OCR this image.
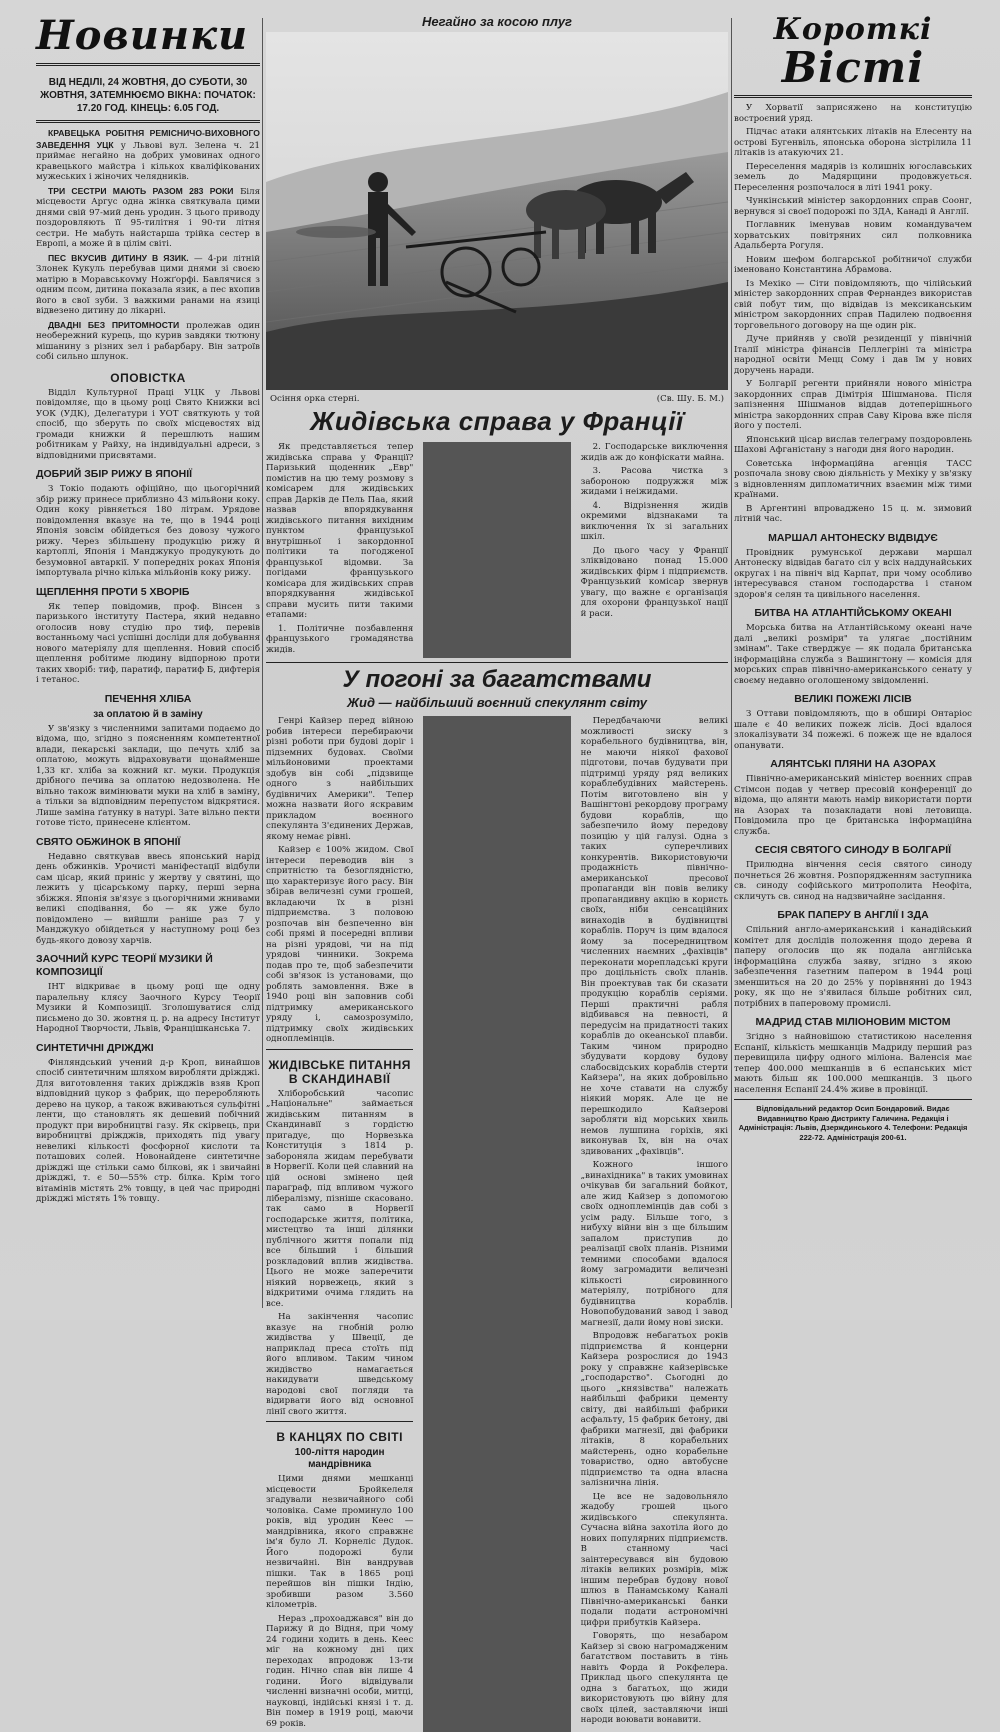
Новинки
ВІД НЕДІЛІ, 24 ЖОВТНЯ, ДО СУБОТИ, 30 ЖОВТНЯ, ЗАТЕМНЮЄМО ВІКНА: ПОЧАТОК: 17.20 ГОД. КІНЕЦЬ: 6.05 ГОД.

КРАВЕЦЬКА РОБІТНЯ РЕМІСНИЧО-ВИХОВНОГО ЗАВЕДЕННЯ УЦК у Львові вул. Зелена ч. 21 приймає негайно на добрих умовинах одного кравецького майстра і кількох кваліфікованих мужеських і жіночих челядників.

ТРИ СЕСТРИ МАЮТЬ РАЗОМ 283 РОКИ Біля місцевости Аргус одна жінка святкувала цими днями свій 97-мий день уродин. З цього приводу поздоровляють її 95-тилітня і 90-ти літня сестри. Не мабуть найстарша трійка сестер в Европі, а може й в цілім світі.

ПЕС ВКУСИВ ДИТИНУ В ЯЗИК. — 4-ри літній Злонек Кукуль перебував цими днями зі своєю матірю в Моравськоvму Ножґорфі. Бавлячися з одним псом, дитина показала язик, а пес вхопив його в свої зуби. З важкими ранами на язиці відвезено дитину до лікарні.

ДВАДНІ БЕЗ ПРИТОМНОСТИ пролежав один необережний курець, що курив завдяки тютюну мішанину з різних зел і рабарбару. Він затроїв собі сильно шлунок.

ОПОВІСТКА

Відділ Культурної Праці УЦК у Львові повідомляє, що в цьому році Свято Книжки всі УОК (УДК), Делегатури і УОТ святкують у той спосіб, що зберуть по своїх місцевостях від громади книжки й перешлють нашим робітникам у Райху, на індивідуальні адреси, з відповідними присвятами.

ДОБРИЙ ЗБІР РИЖУ В ЯПОНІЇ

З Токіо подають офіційно, що цьогорічний збір рижу принесе приблизно 43 мільйони коку. Один коку рівняється 180 літрам. Урядове повідомлення вказує на те, що в 1944 році Японія зовсім обійдеться без довозу чужого рижу. Через збільшену продукцію рижу й картоплі, Японія і Манджукуо продукують до безумовної автаркії. У попередніх роках Японія імпортувала річно кілька мільйонів коку рижу.

ЩЕПЛЕННЯ ПРОТИ 5 ХВОРІБ

Як тепер повідомив, проф. Вінсен з паризького інституту Пастера, який недавно оголосив нову студію про тиф, перевів востанньому часі успішні досліди для добування нового матеріялу для щеплення. Новий спосіб щеплення робітиме людину відпорною проти таких хворіб: тиф, паратиф, паратиф Б, дифтерія і тетанос.

ПЕЧЕННЯ ХЛІБА
за оплатою й в заміну

У зв'язку з численними запитами подаємо до відома, що, згідно з поясненням компетентної влади, пекарські заклади, що печуть хліб за оплатою, можуть відраховувати щонайменше 1,33 кг. хліба за кожний кг. муки. Продукція дрібного печива за оплатою недозволена. Не вільно також вимінювати муки на хліб в заміну, а тільки за відповідним перепустом відкрятися. Лише заміна ґатунку в натурі. Зате вільно пекти готове тісто, принесене клієнтом.

СВЯТО ОБЖИНОК В ЯПОНІЇ

Недавно святкував ввесь японський нарід день обжинків. Урочисті маніфестації відбули сам цісар, який приніс у жертву у святині, що лежить у цісарському парку, перші зерна збіжжя. Японія зв'язує з цьогорічними жнивами великі сподівання, бо — як уже було повідомлено — вийшли раніше раз 7 у Манджукуо обійдеться у наступному році без будь-якого довозу харчів.

ЗАОЧНИЙ КУРС ТЕОРІЇ МУЗИКИ Й КОМПОЗИЦІЇ

ІНТ відкриває в цьому році ще одну паралельну клясу Заочного Курсу Теорії Музики й Композиції. Зголошуватися слід письмено до 30. жовтня ц. р. на адресу Інститут Народної Творчости, Львів, Францішканська 7.

СИНТЕТИЧНІ ДРІЖДЖІ

Фінляндський учений д-р Кроп, винайшов спосіб синтетичним шляхом виробляти дріжджі. Для виготовлення таких дріжджів взяв Кроп відповідний цукор з фабрик, що переробляють дерево на цукор, а також вживаються сульфітні ленти, що становлять як дешевий побічний продукт при виробництві газу. Як скірвець, при виробництві дріжджів, приходять під увагу невеликі кількості фосфорної кислоти та поташових солей. Новонайдене синтетичне дріжджі ще стільки само білкові, як і звичайні дріжджі, т. є 50—55% стр. білка. Крім того вітамінів містять 2% товщу, в цей час природні дріжджі містять 1% товщу.

Негайно за косою плуг
Осіння орка стерні.	(Св. Шу. Б. М.)
Жидівська справа у Франції

Як представляється тепер жидівська справа у Франції? Паризький щоденник „Евр" помістив на цю тему розмову з комісарем для жидівських справ Дарків де Пель Паа, який назвав впорядкування жидівського питання вихідним пунктом французької внутрішньої і закордонної політики та погодженої французької відомви. За погідами французького комісара для жидівських справ впорядкування жидівської справи мусить пити такими етапами:

1. Політичне позбавлення французького громадянства жидів.

2. Господарське виключення жидів аж до конфіскати майна.

3. Расова чистка з забороною подружжя між жидами і неіжидами.

4. Відрізнення жидів окремими відзнаками та виключення їх зі загальних шкіл.

До цього часу у Франції зліквідовано понад 15.000 жидівських фірм і підприємств. Французький комісар звернув увагу, що важне є організація для охорони французької нації й раси.

У погоні за багатствами
Жид — найбільший воєнний спекулянт світу

Генрі Кайзер перед війною робив інтереси перебираючи різні роботи при будові доріг і підземних будовах. Своїми мільйоновими проектами здобув він собі „підзвище одного з найбільших будівничих Америки". Тепер можна назвати його яскравим прикладом воєнного спекулянта З'єдинених Держав, якому немає рівні.

Кайзер є 100% жидом. Свої інтереси переводив він з спритністю та безоглядністю, що характеризує його расу. Він збірав величезні суми грошей, вкладаючи їх в різні підприємства. З половою розпочав він безпеченно він собі прямі й посередні впливи на різні урядові, чи на під урядові чинники. Зокрема подав про те, щоб забезпечити собі зв'язок із установами, що роблять замовлення. Вже в 1940 році він заповнив собі підтримку американського уряду і, самозрозуміло, підтримку своїх жидівських одноплемінців.

ЖИДІВСЬКЕ ПИТАННЯ В СКАНДИНАВІЇ

Хліборобський часопис „Національне" займається жидівським питанням в Скандинавії з гордістю пригадує, що Норвезька Конституція з 1814 р. забороняла жидам перебувати в Норвегії. Коли цей славний на цій основі змінено цей параграф, під впливом чужого лібералізму, пізніше скасовано. так само в Норвегії господарське життя, політика, мистецтво та інші ділянки публічного життя попали під все більший і більший розкладовий вплив жидівства. Цього не може заперечити ніякий норвежець, який з відкритими очима глядить на все.

На закінчення часопис вказує на гнобній ролю жидівства у Швеції, де наприклад преса стоїть під його впливом. Таким чином жидівство намагається накидувати шведському народові свої погляди та відирвати його від основної лінії свого життя.

В КАНЦЯХ ПО СВІТІ
100-ліття народин мандрівника

Цими днями мешканці місцевости Бройкелеля згадували незвичайного собі чоловіка. Саме проминуло 100 років, від уродин Кеес — мандрівника, якого справжнє ім'я було Л. Корнеліс Дудок. Його подорожі були незвичайні. Він вандрував пішки. Так в 1865 році перейшов він пішки Індію, зробивши разом 3.560 кілометрів.

Нераз „прохоаджався" він до Парижу й до Відня, при чому 24 години ходить в день. Кеес міг на кожному дні цих переходах впродовж 13-ти годин. Нічно спав він лише 4 години. Його відвідували численні визначні особи, митці, науковці, індійські князі і т. д. Він помер в 1919 році, маючи 69 років.

Передбачаючи великі можливості зиску з корабельного будівництва, він, не маючи ніякої фахової підготови, почав будувати при підтримці уряду ряд великих кораблебудівних майстерень. Потім виготовлено він у Вашінгтоні рекордову програму будови кораблів, що забезпечило йому передову позицію у цій галузі. Одна з таких суперечливих конкурентів. Використовуючи продажність північно-американської пресової пропаганди він повів велику пропагандивну акцію в користь своїх, ніби сенсаційних винаходів в будівництві кораблів. Поруч із цим вдалося йому за посередництвом численних наємних „фахівців" переконати морепладські круги про доцільність своїх планів. Він проектував так би сказати продукцію кораблів серіями. Перші практичні рабля відбивався на певності, й передусім на придатності таких кораблів до океанської плавби. Таким чином природно збудувати кордову будову слабосвідських кораблів стерти Кайзера", на яких добровільно не хоче ставати на службу ніякий моряк. Але це не перешкодило Кайзерові заробляти від морських хвиль немов лушпина горіхів, які виконував їх, він на очах здивованих „фахівців".

Кожного іншого „винахідника" в таких умовинах очікував би загальний бойкот, але жид Кайзер з допомогою своїх одноплемінців дав собі з усім раду. Більше того, з нибуху війни він з ще більшим запалом приступив до реалізації своїх планів. Різними темними способами вдалося йому загромадити величезні кількості сировинного матеріялу, потрібного для будівництва кораблів. Новопобудований завод і завод магнезії, дали йому нові зиски.

Впродовж небагатьох років підприємства й концерни Кайзера розрослися до 1943 року у справжнє кайзерівське „господарство". Сьогодні до цього „князівства" належать найбільші фабрики цементу світу, дві найбільші фабрики асфальту, 15 фабрик бетону, дві фабрики магнезії, дві фабрики літаків, 8 корабельних майстерень, одно корабельне товариство, одно автобусне підприємство та одна власна залізнична лінія.

Це все не задовольняло жадобу грошей цього жидівського спекулянта. Сучасна війна захотіла його до нових популярних підприємств. В станному часі заінтересувався він будовою літаків великих розмірів, між іншим перебрав будову нової шлюз в Панамському Каналі Північно-американські банки подали подати астрономічні цифри прибутків Кайзера.

Говорять, що незабаром Кайзер зі свою нагромадженим багатством поставить в тінь навіть Форда й Рокфелера. Приклад цього спекулянта це одна з багатьох, що жиди використовують цю війну для своїх цілей, заставляючи інші народи воювати вонавити.

Короткі
Вісті

У Хорватії заприсяжено на конституцію востроєний уряд.

Підчас атаки алянтських літаків на Елесенту на острові Бугенвіль, японська оборона зістрілила 11 літаків із атакуючих 21.

Переселення мадярів із колишніх югославських земель до Мадярщини продовжується. Переселення розпочалося в літі 1941 року.

Чункінський міністер закордонних справ Соонг, вернувся зі своєї подорожі по ЗДА, Канаді й Англії.

Поглавник іменував новим командувачем хорватських повітряних сил полковника Адальберта Рогуля.

Новим шефом болгарської робітничої служби іменовано Константина Абрамова.

Із Мехіко — Сіти повідомляють, що чілійський міністер закордонних справ Фернандез використав свій побут тим, що відвідав із мексиканським міністром закордонних справ Падилею подвоєння торговельного договору на ще один рік.

Дуче прийняв у своїй резиденції у північній Італії міністра фінансів Пеллегріні та міністра народної освіти Мецц Сому і дав їм у нових доручень наради.

У Болгарії регенти прийняли нового міністра закордонних справ Дімітрія Шішманова. Після запізнення Шішманов віддав дотеперішнього міністра закордонних справ Саву Кірова вже після його у постелі.

Японський цісар вислав телеграму поздоровлень Шахові Афганістану з нагоди дня його народин.

Советська інформаційна агенція ТАСС розпочала знову свою діяльність у Мехіку у зв'язку з відновленням дипломатичних взаємин між тими країнами.

В Аргентині впроваджено 15 ц. м. зимовий літній час.

МАРШАЛ АНТОНЕСКУ ВІДВІДУЄ

Провідник румунської держави маршал Антонеску відвідав багато сіл у всіх наддунайських округах і на північ від Карпат, при чому особливо інтересувався станом господарства і станом здоров'я селян та цивільного населення.

БИТВА НА АТЛАНТІЙСЬКОМУ ОКЕАНІ

Морська битва на Атлантійському океані наче далі „великі розміри" та улягає „постійним змінам". Таке стверджує — як подала британська інформаційна служба з Вашингтону — комісія для морських справ північно-американського сенату у своєму недавно оголошеному звідомленні.

ВЕЛИКІ ПОЖЕЖІ ЛІСІВ

З Оттави повідомляють, що в обширі Онтаріос шале є 40 великих пожеж лісів. Досі вдалося злокалізувати 34 пожежі. 6 пожеж ще не вдалося опанувати.

АЛЯНТСЬКІ ПЛЯНИ НА АЗОРАХ

Північно-американський міністер воєнних справ Стімсон подав у четвер пресовій конференції до відома, що алянти мають намір використати порти на Азорах та позакладати нові летовища. Повідомила про це британська інформаційна служба.

СЕСІЯ СВЯТОГО СИНОДУ В БОЛГАРІЇ

Прилюдна вінчення сесія святого синоду почнеться 26 жовтня. Розпорядженням заступника св. синоду софійського митрополита Нeофіта, скличуть св. синод на надзвичайне засідання.

БРАК ПАПЕРУ В АНГЛІЇ І ЗДА

Спільний англо-американський і канадійський комітет для дослідів положення щодо дерева й паперу оголосив що як подала англійська інформаційна служба заяву, згідно з якою забезпечення газетним папером в 1944 році зменшиться на 20 до 25% у порівнянні до 1943 року, як що не з'явилася більше робітних сил, потрібних в паперовому промислі.

МАДРИД СТАВ МІЛІОНОВИМ МІСТОМ

Згідно з найновішою статистикою населення Еспанії, кількість мешканців Мадриду перший раз перевищила цифру одного міліона. Валенсія має тепер 400.000 мешканців в 6 еспанських міст мають більш як 100.000 мешканців. З цього населення Еспанії 24.4% живе в провінції.

Відповідальний редактор Осип Бондаровий. Видає Видавництво Краю Дистрикту Галичина. Редакція і Адміністрація: Львів, Дзерждинського 4. Телефони: Редакція 222-72. Адміністрація 200-61.
